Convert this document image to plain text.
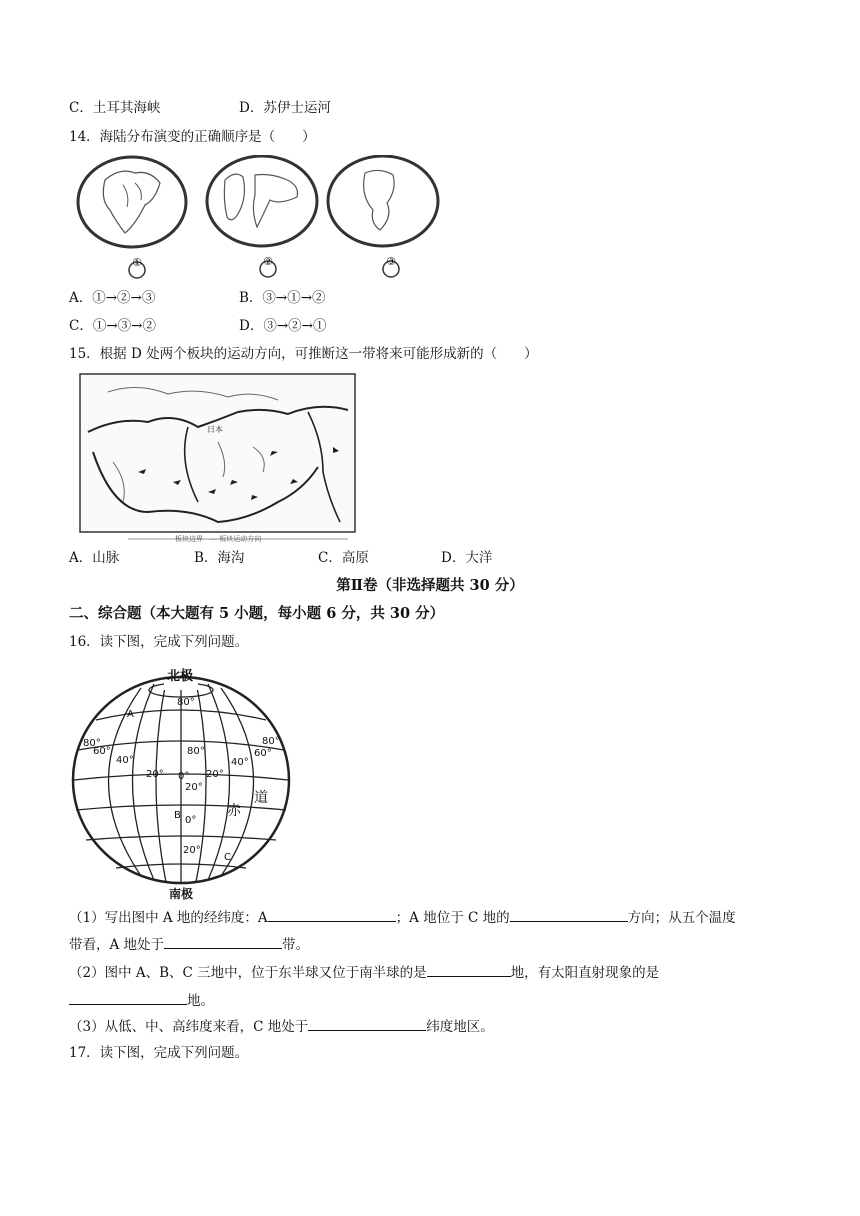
C．土耳其海峡	D．苏伊士运河
14．海陆分布演变的正确顺序是（　　）
①	②	③
A．①→②→③	B．③→①→②
C．①→③→②	D．③→②→①
15．根据 D 处两个板块的运动方向，可推断这一带将来可能形成新的（　　）
日本
板块边界　— 板块运动方向
A．山脉	B．海沟	C．高原	D．大洋
第Ⅱ卷（非选择题共 30 分）
二、综合题（本大题有 5 小题，每小题 6 分，共 30 分）
16．读下图，完成下列问题。
北极
南极
80°
A
B
C
赤
道
80°
60°
40°
20° 0° 20°
40°
60°
80°
80°
20°
0°
20°
（1）写出图中 A 地的经纬度：A	；A 地位于 C 地的	方向；从五个温度
带看，A 地处于	带。
（2）图中 A、B、C 三地中，位于东半球又位于南半球的是	地，有太阳直射现象的是
地。
（3）从低、中、高纬度来看，C 地处于	纬度地区。
17．读下图，完成下列问题。
